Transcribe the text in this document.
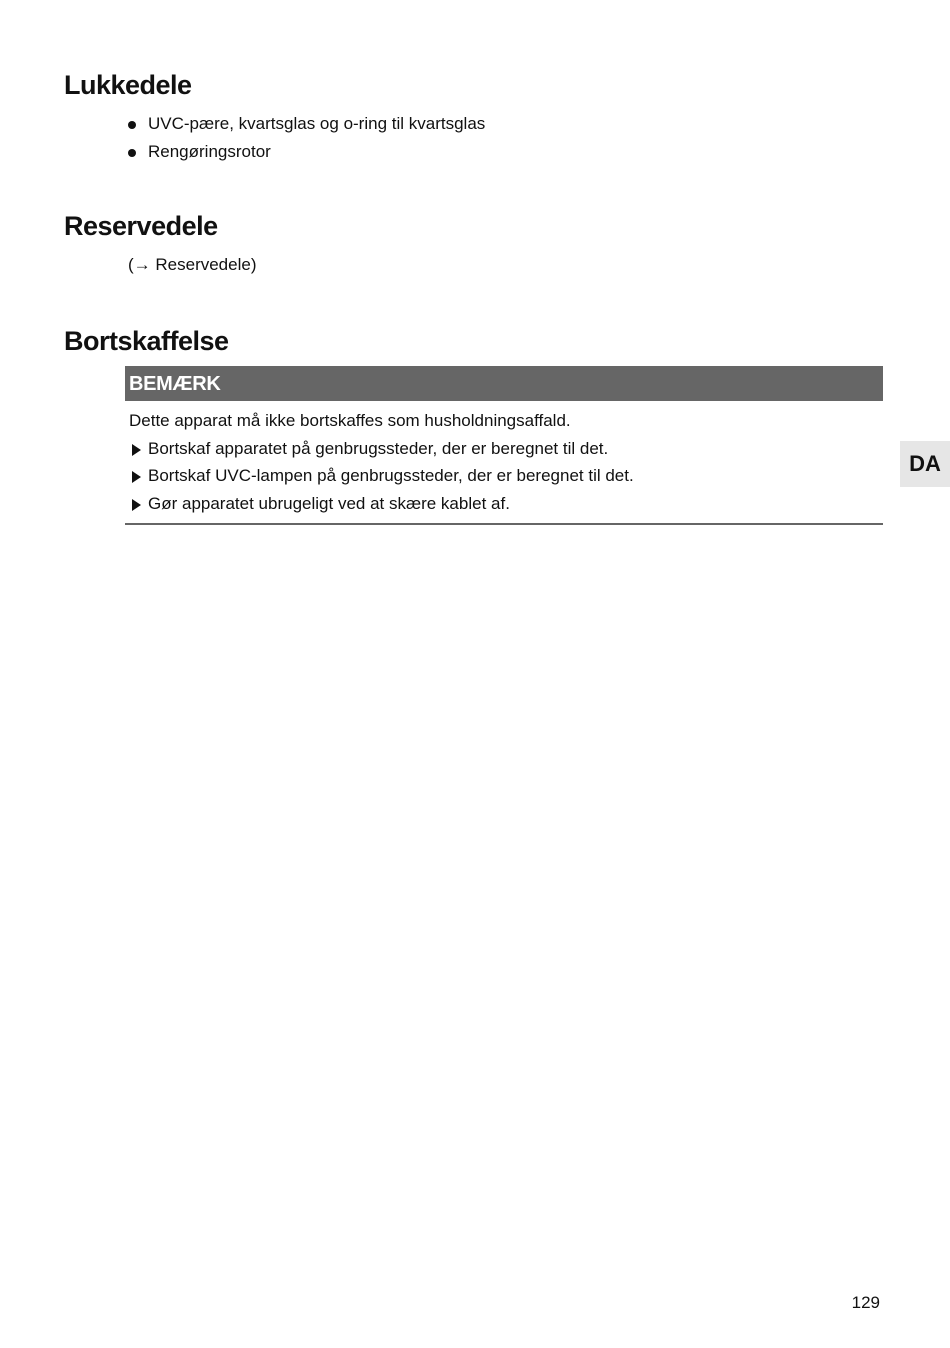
Lukkedele
UVC-pære, kvartsglas og o-ring til kvartsglas
Rengøringsrotor
Reservedele
(→ Reservedele)
Bortskaffelse
BEMÆRK
Dette apparat må ikke bortskaffes som husholdningsaffald.
Bortskaf apparatet på genbrugssteder, der er beregnet til det.
Bortskaf UVC-lampen på genbrugssteder, der er beregnet til det.
Gør apparatet ubrugeligt ved at skære kablet af.
DA
129
